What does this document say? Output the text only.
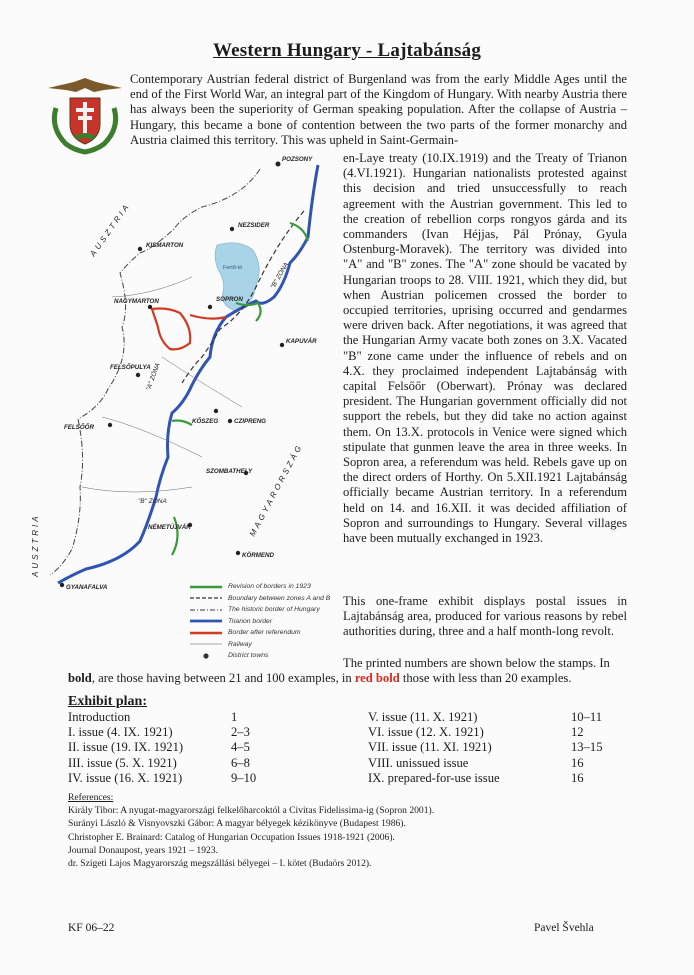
Western Hungary - Lajtabánság
Contemporary Austrian federal district of Burgenland was from the early Middle Ages until the end of the First World War, an integral part of the Kingdom of Hungary. With nearby Austria there has always been the superiority of German speaking population. After the collapse of Austria – Hungary, this became a bone of contention between the two parts of the former monarchy and Austria claimed this territory. This was upheld in Saint-Germain-
Fertő-tó
POZSONY
NEZSIDER
KISMARTON
NAGYMARTON	SOPRON
KAPUVÁR
FELSŐPULYA
FELSŐŐR
KŐSZEG	CZIPRENG
SZOMBATHELY
NÉMETÚJVÁR
KÖRMEND
GYANAFALVA
AUSZTRIA
AUSZTRIA
MAGYARORSZÁG
"A" ZÓNA
"B" ZÓNA
"B" ZÓNA
Revision of borders in 1923
Boundary between zones A and B
The historic border of Hungary
Trianon border
Border after referendum
Railway
District towns

en-Laye treaty (10.IX.1919) and the Treaty of Trianon (4.VI.1921). Hungarian nationalists protested against this decision and tried unsuccessfully to reach agreement with the Austrian government. This led to the creation of rebellion corps rongyos gárda and its commanders (Ivan Héjjas, Pál Prónay, Gyula Ostenburg-Moravek). The territory was divided into "A" and "B" zones. The "A" zone should be vacated by Hungarian troops to 28. VIII. 1921, which they did, but when Austrian policemen crossed the border to occupied territories, uprising occurred and gendarmes were driven back. After negotiations, it was agreed that the Hungarian Army vacate both zones on 3.X. Vacated "B" zone came under the influence of rebels and on 4.X. they proclaimed independent Lajtabánság with capital Felsőőr (Oberwart). Prónay was declared president. The Hungarian government officially did not support the rebels, but they did take no action against them. On 13.X. protocols in Venice were signed which stipulate that gunmen leave the area in three weeks. In Sopron area, a referendum was held. Rebels gave up on the direct orders of Horthy. On 5.XII.1921 Lajtabánság officially became Austrian territory. In a referendum held on 14. and 16.XII. it was decided affiliation of Sopron and surroundings to Hungary. Several villages have been mutually exchanged in 1923.

This one-frame exhibit displays postal issues in Lajtabánság area, produced for various reasons by rebel authorities during, three and a half month-long revolt.
The printed numbers are shown below the stamps. In
bold, are those having between 21 and 100 examples, in red bold those with less than 20 examples.
Exhibit plan:
Introduction	1
I. issue (4. IX. 1921)	2–3
II. issue (19. IX. 1921)	4–5
III. issue (5. X. 1921)	6–8
IV. issue (16. X. 1921)	9–10
V. issue (11. X. 1921)	10–11
VI. issue (12. X. 1921)	12
VII. issue (11. XI. 1921)	13–15
VIII. unissued issue	16
IX. prepared-for-use issue	16
References:
Király Tibor: A nyugat-magyarországi felkelőharcoktól a Civitas Fidelissima-ig (Sopron 2001).
Surányi László & Visnyovszki Gábor: A magyar bélyegek kézikönyve (Budapest 1986).
Christopher E. Brainard: Catalog of Hungarian Occupation Issues 1918-1921 (2006).
Journal Donaupost, years 1921 – 1923.
dr. Szigeti Lajos Magyarország megszállási bélyegei – I. kötet (Budaörs 2012).
KF 06–22	Pavel Švehla
